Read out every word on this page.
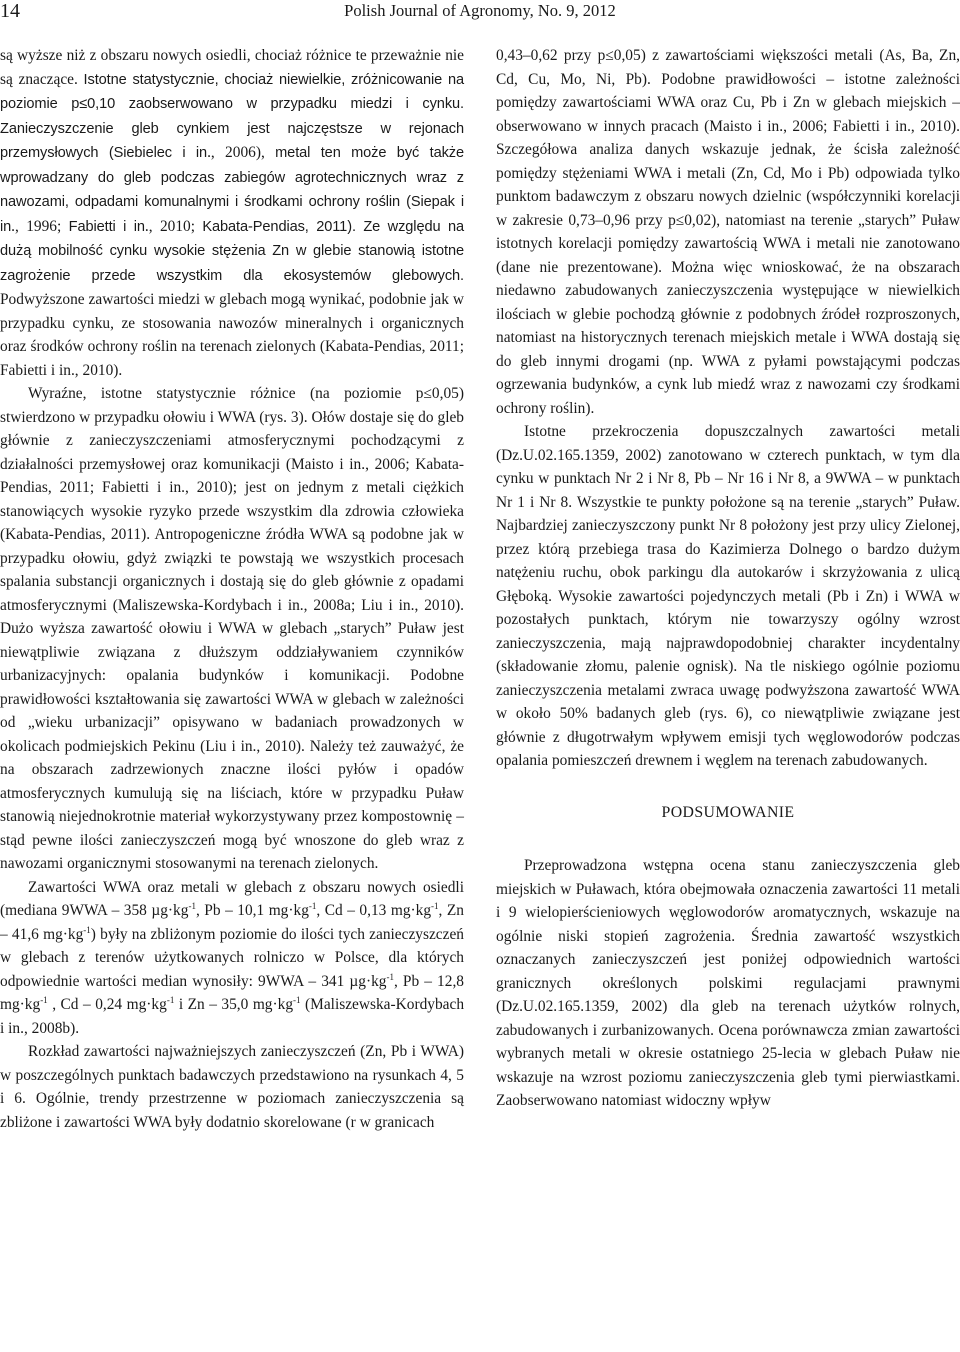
14	Polish Journal of Agronomy, No. 9, 2012

są wyższe niż z obszaru nowych osiedli, chociaż różnice te przeważnie nie są znaczące. Istotne statystycznie, chociaż niewielkie, zróżnicowanie na poziomie p≤0,10 zaobserwowano w przypadku miedzi i cynku. Zanieczyszczenie gleb cynkiem jest najczęstsze w rejonach przemysłowych (Siebielec i in., 2006), metal ten może być także wprowadzany do gleb podczas zabiegów agrotechnicznych wraz z nawozami, odpadami komunalnymi i środkami ochrony roślin (Siepak i in., 1996; Fabietti i in., 2010; Kabata-Pendias, 2011). Ze względu na dużą mobilność cynku wysokie stężenia Zn w glebie stanowią istotne zagrożenie przede wszystkim dla ekosystemów glebowych. Podwyższone zawartości miedzi w glebach mogą wynikać, podobnie jak w przypadku cynku, ze stosowania nawozów mineralnych i organicznych oraz środków ochrony roślin na terenach zielonych (Kabata-Pendias, 2011; Fabietti i in., 2010).

Wyraźne, istotne statystycznie różnice (na poziomie p≤0,05) stwierdzono w przypadku ołowiu i WWA (rys. 3). Ołów dostaje się do gleb głównie z zanieczyszczeniami atmosferycznymi pochodzącymi z działalności przemysłowej oraz komunikacji (Maisto i in., 2006; Kabata-Pendias, 2011; Fabietti i in., 2010); jest on jednym z metali ciężkich stanowiących wysokie ryzyko przede wszystkim dla zdrowia człowieka (Kabata-Pendias, 2011). Antropogeniczne źródła WWA są podobne jak w przypadku ołowiu, gdyż związki te powstają we wszystkich procesach spalania substancji organicznych i dostają się do gleb głównie z opadami atmosferycznymi (Maliszewska-Kordybach i in., 2008a; Liu i in., 2010). Dużo wyższa zawartość ołowiu i WWA w glebach „starych” Puław jest niewątpliwie związana z dłuższym oddziaływaniem czynników urbanizacyjnych: opalania budynków i komunikacji. Podobne prawidłowości kształtowania się zawartości WWA w glebach w zależności od „wieku urbanizacji” opisywano w badaniach prowadzonych w okolicach podmiejskich Pekinu (Liu i in., 2010). Należy też zauważyć, że na obszarach zadrzewionych znaczne ilości pyłów i opadów atmosferycznych kumulują się na liściach, które w przypadku Puław stanowią niejednokrotnie materiał wykorzystywany przez kompostownię – stąd pewne ilości zanieczyszczeń mogą być wnoszone do gleb wraz z nawozami organicznymi stosowanymi na terenach zielonych.

Zawartości WWA oraz metali w glebach z obszaru nowych osiedli (mediana 9WWA – 358 $\mu g\cdot kg^{-1}$, Pb – 10,1 $mg\cdot kg^{-1}$, Cd – 0,13 $mg\cdot kg^{-1}$, Zn – 41,6 $mg\cdot kg^{-1}$) były na zbliżonym poziomie do ilości tych zanieczyszczeń w glebach z terenów użytkowanych rolniczo w Polsce, dla których odpowiednie wartości median wynosiły: 9WWA – 341 $\mu g\cdot kg^{-1}$, Pb – 12,8 $mg\cdot kg^{-1}$ , Cd – 0,24 $mg\cdot kg^{-1}$ i Zn – 35,0 $mg\cdot kg^{-1}$ (Maliszewska-Kordybach i in., 2008b).

Rozkład zawartości najważniejszych zanieczyszczeń (Zn, Pb i WWA) w poszczególnych punktach badawczych przedstawiono na rysunkach 4, 5 i 6. Ogólnie, trendy przestrzenne w poziomach zanieczyszczenia są zbliżone i zawartości WWA były dodatnio skorelowane (r w granicach

0,43–0,62 przy p≤0,05) z zawartościami większości metali (As, Ba, Zn, Cd, Cu, Mo, Ni, Pb). Podobne prawidłowości – istotne zależności pomiędzy zawartościami WWA oraz Cu, Pb i Zn w glebach miejskich – obserwowano w innych pracach (Maisto i in., 2006; Fabietti i in., 2010). Szczegółowa analiza danych wskazuje jednak, że ścisła zależność pomiędzy stężeniami WWA i metali (Zn, Cd, Mo i Pb) odpowiada tylko punktom badawczym z obszaru nowych dzielnic (współczynniki korelacji w zakresie 0,73–0,96 przy p≤0,02), natomiast na terenie „starych” Puław istotnych korelacji pomiędzy zawartością WWA i metali nie zanotowano (dane nie prezentowane). Można więc wnioskować, że na obszarach niedawno zabudowanych zanieczyszczenia występujące w niewielkich ilościach w glebie pochodzą głównie z podobnych źródeł rozproszonych, natomiast na historycznych terenach miejskich metale i WWA dostają się do gleb innymi drogami (np. WWA z pyłami powstającymi podczas ogrzewania budynków, a cynk lub miedź wraz z nawozami czy środkami ochrony roślin).

Istotne przekroczenia dopuszczalnych zawartości metali (Dz.U.02.165.1359, 2002) zanotowano w czterech punktach, w tym dla cynku w punktach Nr 2 i Nr 8, Pb – Nr 16 i Nr 8, a 9WWA – w punktach Nr 1 i Nr 8. Wszystkie te punkty położone są na terenie „starych” Puław. Najbardziej zanieczyszczony punkt Nr 8 położony jest przy ulicy Zielonej, przez którą przebiega trasa do Kazimierza Dolnego o bardzo dużym natężeniu ruchu, obok parkingu dla autokarów i skrzyżowania z ulicą Głęboką. Wysokie zawartości pojedynczych metali (Pb i Zn) i WWA w pozostałych punktach, którym nie towarzyszy ogólny wzrost zanieczyszczenia, mają najprawdopodobniej charakter incydentalny (składowanie złomu, palenie ognisk). Na tle niskiego ogólnie poziomu zanieczyszczenia metalami zwraca uwagę podwyższona zawartość WWA w około 50% badanych gleb (rys. 6), co niewątpliwie związane jest głównie z długotrwałym wpływem emisji tych węglowodorów podczas opalania pomieszczeń drewnem i węglem na terenach zabudowanych.

PODSUMOWANIE

Przeprowadzona wstępna ocena stanu zanieczyszczenia gleb miejskich w Puławach, która obejmowała oznaczenia zawartości 11 metali i 9 wielopierścieniowych węglowodorów aromatycznych, wskazuje na ogólnie niski stopień zagrożenia. Średnia zawartość wszystkich oznaczanych zanieczyszczeń jest poniżej odpowiednich wartości granicznych określonych polskimi regulacjami prawnymi (Dz.U.02.165.1359, 2002) dla gleb na terenach użytków rolnych, zabudowanych i zurbanizowanych. Ocena porównawcza zmian zawartości wybranych metali w okresie ostatniego 25-lecia w glebach Puław nie wskazuje na wzrost poziomu zanieczyszczenia gleb tymi pierwiastkami. Zaobserwowano natomiast widoczny wpływ
